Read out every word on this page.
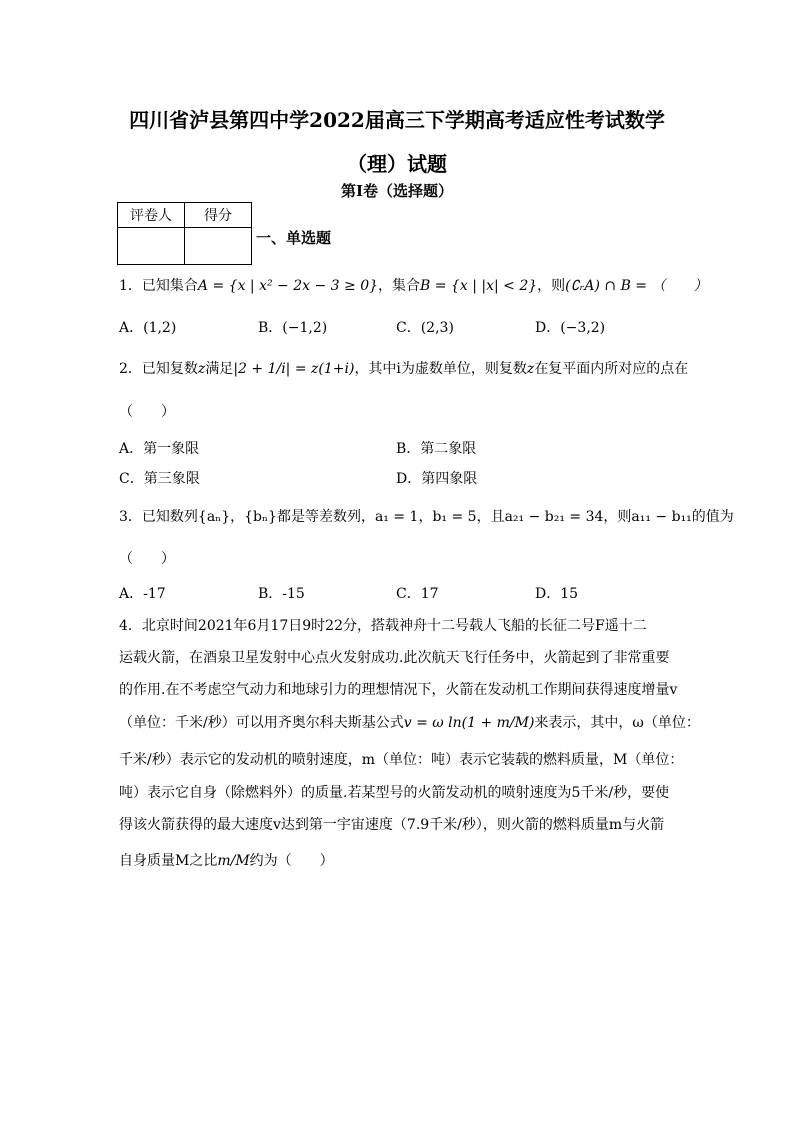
四川省泸县第四中学2022届高三下学期高考适应性考试数学
（理）试题
第I卷（选择题）
评卷人	得分

一、单选题
1．已知集合A = {x | x² − 2x − 3 ≥ 0}，集合B = {x | |x| < 2}，则(∁ᵣA) ∩ B = （　　）
A．(1,2)	B．(−1,2)	C．(2,3)	D．(−3,2)
2．已知复数z满足|2 + 1/i| = z(1+i)，其中i为虚数单位，则复数z在复平面内所对应的点在
（　　）
A．第一象限	B．第二象限
C．第三象限	D．第四象限
3．已知数列{aₙ}，{bₙ}都是等差数列，a₁ = 1，b₁ = 5，且a₂₁ − b₂₁ = 34，则a₁₁ − b₁₁的值为
（　　）
A．-17	B．-15	C．17	D．15
4．北京时间2021年6月17日9时22分，搭载神舟十二号载人飞船的长征二号F遥十二
运载火箭，在酒泉卫星发射中心点火发射成功.此次航天飞行任务中，火箭起到了非常重要
的作用.在不考虑空气动力和地球引力的理想情况下，火箭在发动机工作期间获得速度增量v
（单位：千米/秒）可以用齐奥尔科夫斯基公式v = ω ln(1 + m/M)来表示，其中，ω（单位：
千米/秒）表示它的发动机的喷射速度，m（单位：吨）表示它装载的燃料质量，M（单位：
吨）表示它自身（除燃料外）的质量.若某型号的火箭发动机的喷射速度为5千米/秒，要使
得该火箭获得的最大速度v达到第一宇宙速度（7.9千米/秒），则火箭的燃料质量m与火箭
自身质量M之比m/M约为（　　）
